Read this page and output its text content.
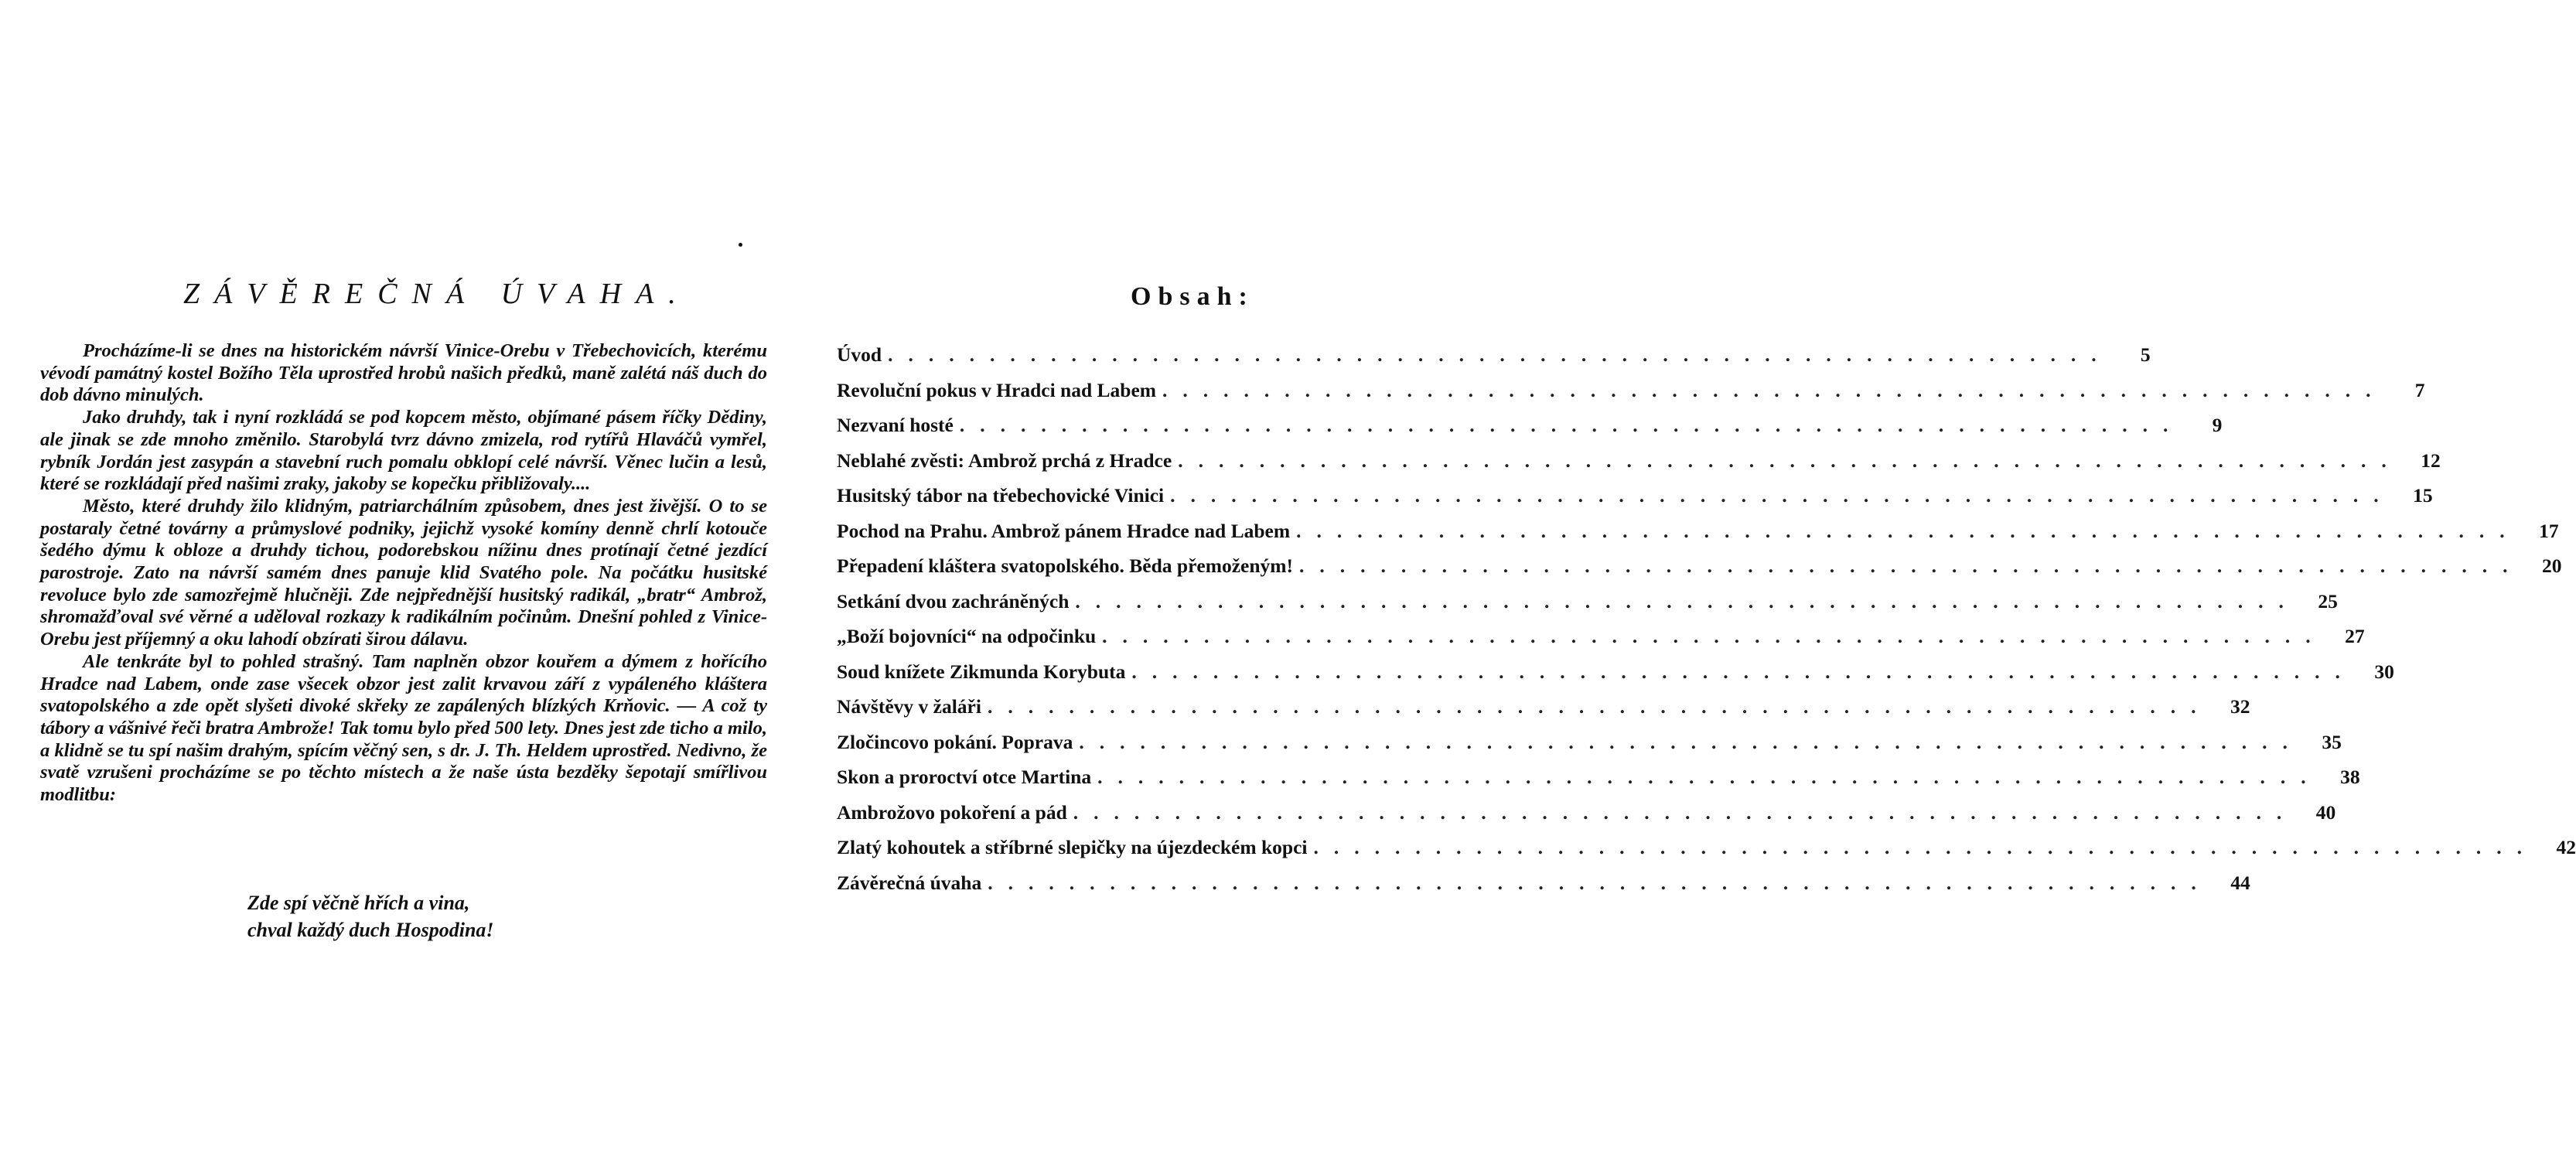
ZÁVĚREČNÁ ÚVAHA.

Procházíme-li se dnes na historickém návrší Vinice-Orebu v Třebechovicích, kterému vévodí památný kostel Božího Těla uprostřed hrobů našich předků, maně zalétá náš duch do dob dávno minulých.

Jako druhdy, tak i nyní rozkládá se pod kopcem město, objímané pásem říčky Dědiny, ale jinak se zde mnoho změnilo. Starobylá tvrz dávno zmizela, rod rytířů Hlaváčů vymřel, rybník Jordán jest zasypán a stavební ruch pomalu obklopí celé návrší. Věnec lučin a lesů, které se rozkládají před našimi zraky, jakoby se kopečku přibližovaly....

Město, které druhdy žilo klidným, patriarchálním způsobem, dnes jest živější. O to se postaraly četné továrny a průmyslové podniky, jejichž vysoké komíny denně chrlí kotouče šedého dýmu k obloze a druhdy tichou, podorebskou nížinu dnes protínají četné jezdící parostroje. Zato na návrší samém dnes panuje klid Svatého pole. Na počátku husitské revoluce bylo zde samozřejmě hlučněji. Zde nejpřednější husitský radikál, „bratr“ Ambrož, shromažďoval své věrné a uděloval rozkazy k radikálním počinům. Dnešní pohled z Vinice-Orebu jest příjemný a oku lahodí obzírati širou dálavu.

Ale tenkráte byl to pohled strašný. Tam naplněn obzor kouřem a dýmem z hořícího Hradce nad Labem, onde zase všecek obzor jest zalit krvavou září z vypáleného kláštera svatopolského a zde opět slyšeti divoké skřeky ze zapálených blízkých Krňovic. — A což ty tábory a vášnivé řeči bratra Ambrože! Tak tomu bylo před 500 lety. Dnes jest zde ticho a milo, a klidně se tu spí našim drahým, spícím věčný sen, s dr. J. Th. Heldem uprostřed. Nedivno, že svatě vzrušeni procházíme se po těchto místech a že naše ústa bezděky šepotají smířlivou modlitbu:

Zde spí věčně hřích a vina,
chval každý duch Hospodina!
Obsah:
Úvod ............................................................	5
Revoluční pokus v Hradci nad Labem ............................................................	7
Nezvaní hosté ............................................................	9
Neblahé zvěsti: Ambrož prchá z Hradce ............................................................ 12
Husitský tábor na třebechovické Vinici ............................................................ 15
Pochod na Prahu. Ambrož pánem Hradce nad Labem ............................................................ 17
Přepadení kláštera svatopolského. Běda přemoženým! ............................................................ 20
Setkání dvou zachráněných ............................................................ 25
„Boží bojovníci“ na odpočinku ............................................................ 27
Soud knížete Zikmunda Korybuta ............................................................ 30
Návštěvy v žaláři ............................................................ 32
Zločincovo pokání. Poprava ............................................................ 35
Skon a proroctví otce Martina ............................................................ 38
Ambrožovo pokoření a pád ............................................................ 40
Zlatý kohoutek a stříbrné slepičky na újezdeckém kopci ............................................................ 42
Závěrečná úvaha ............................................................ 44
